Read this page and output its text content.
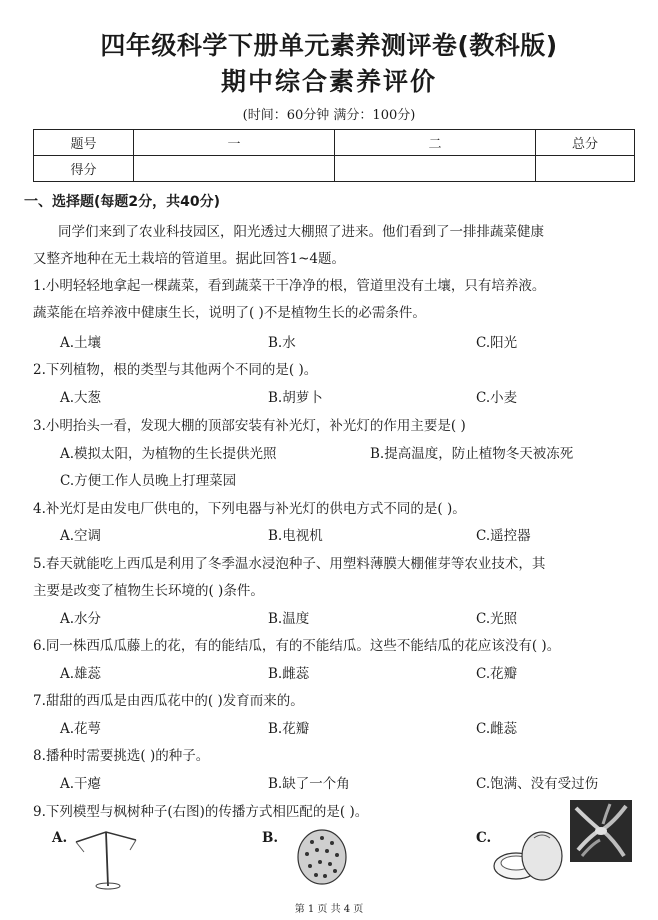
四年级科学下册单元素养测评卷(教科版)
期中综合素养评价
(时间：60分钟 满分：100分)
题号	一	二	总分
得分			
一、选择题(每题2分，共40分)
同学们来到了农业科技园区，阳光透过大棚照了进来。他们看到了一排排蔬菜健康
又整齐地种在无土栽培的管道里。据此回答1~4题。
1.小明轻轻地拿起一棵蔬菜，看到蔬菜干干净净的根，管道里没有土壤，只有培养液。
蔬菜能在培养液中健康生长，说明了( )不是植物生长的必需条件。
A.土壤	B.水	C.阳光
2.下列植物，根的类型与其他两个不同的是( )。
A.大葱	B.胡萝卜	C.小麦
3.小明抬头一看，发现大棚的顶部安装有补光灯，补光灯的作用主要是( )
A.模拟太阳，为植物的生长提供光照	B.提高温度，防止植物冬天被冻死
C.方便工作人员晚上打理菜园
4.补光灯是由发电厂供电的，下列电器与补光灯的供电方式不同的是( )。
A.空调	B.电视机	C.遥控器
5.春天就能吃上西瓜是利用了冬季温水浸泡种子、用塑料薄膜大棚催芽等农业技术，其
主要是改变了植物生长环境的( )条件。
A.水分	B.温度	C.光照
6.同一株西瓜瓜藤上的花，有的能结瓜，有的不能结瓜。这些不能结瓜的花应该没有( )。
A.雄蕊	B.雌蕊	C.花瓣
7.甜甜的西瓜是由西瓜花中的( )发育而来的。
A.花萼	B.花瓣	C.雌蕊
8.播种时需要挑选( )的种子。
A.干瘪	B.缺了一个角	C.饱满、没有受过伤
9.下列模型与枫树种子(右图)的传播方式相匹配的是( )。
A.	B.	C.
第 1 页 共 4 页
